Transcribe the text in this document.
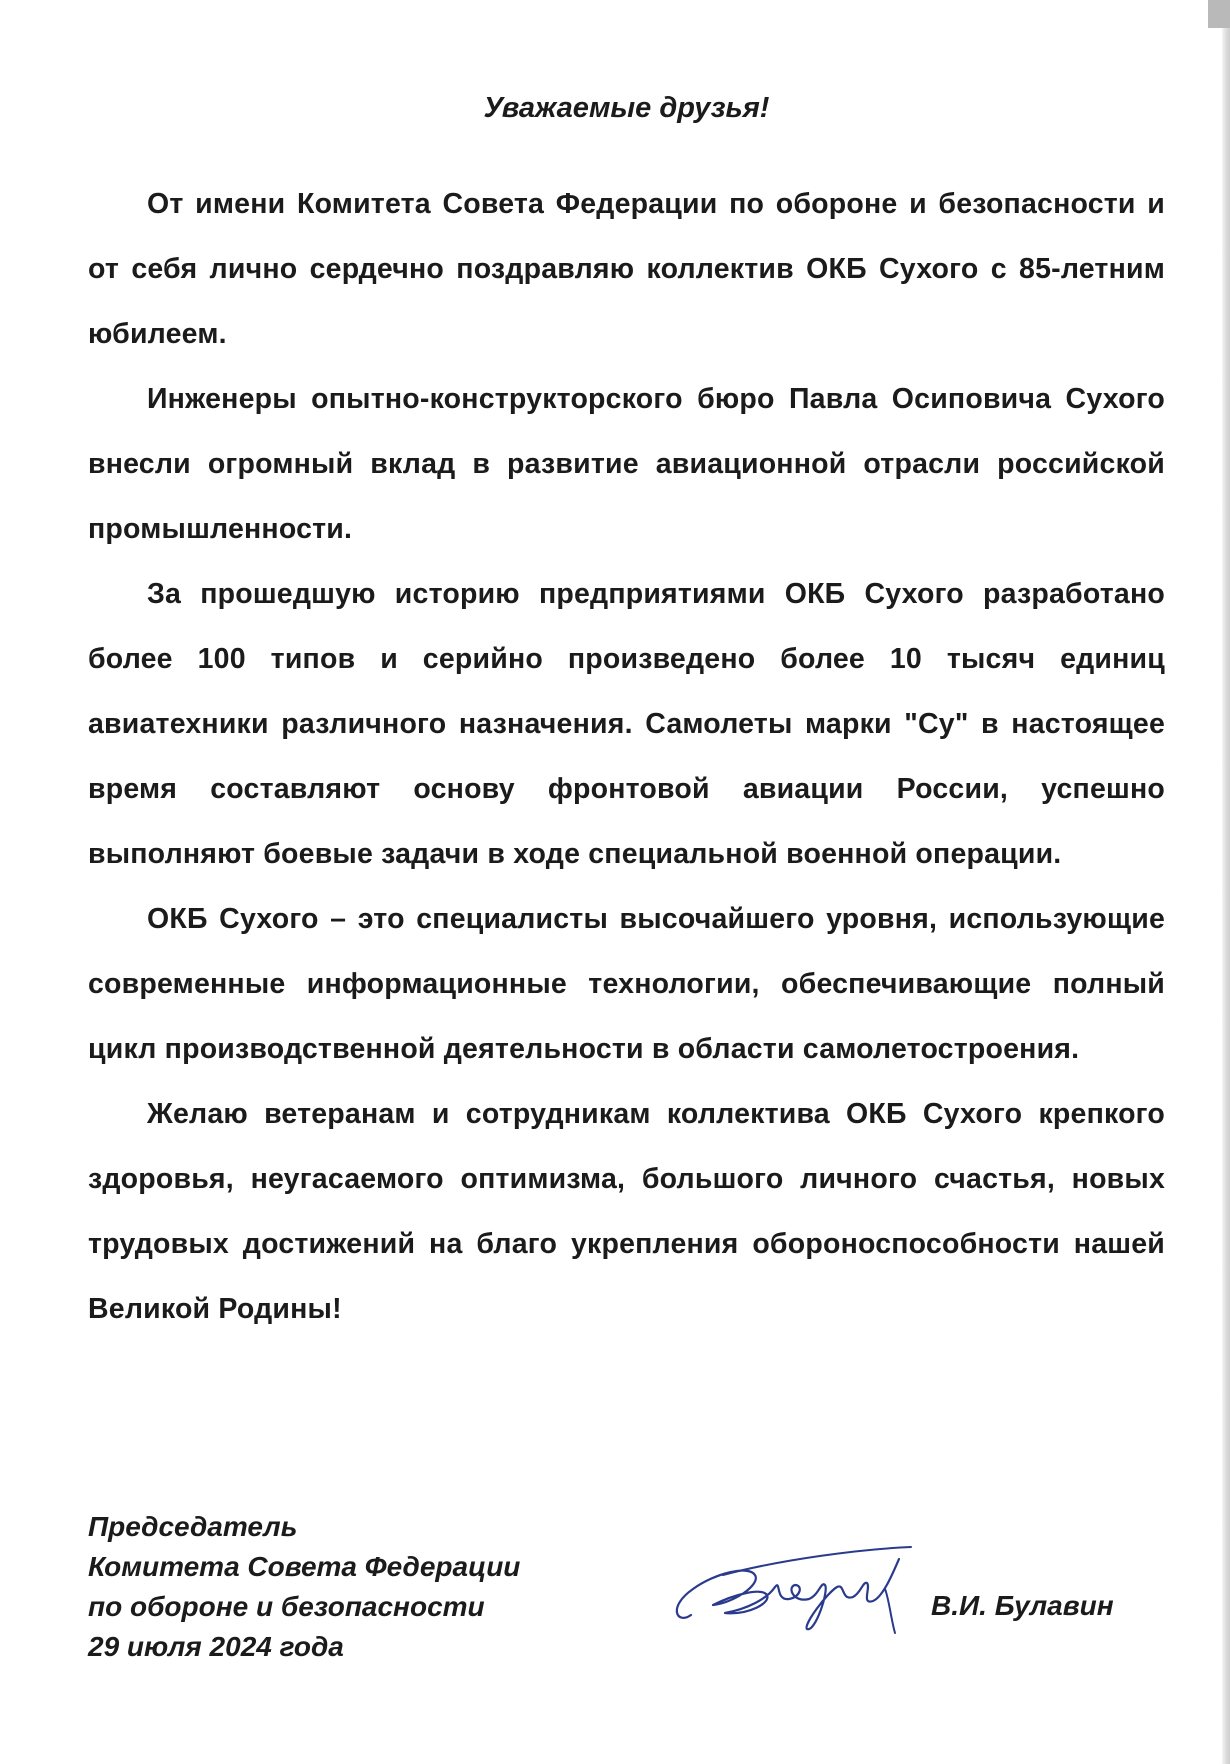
Уважаемые друзья!

От имени Комитета Совета Федерации по обороне и безопасности и от себя лично сердечно поздравляю коллектив ОКБ Сухого с 85-летним юбилеем.

Инженеры опытно-конструкторского бюро Павла Осиповича Сухого внесли огромный вклад в развитие авиационной отрасли российской промышленности.

За прошедшую историю предприятиями ОКБ Сухого разработано более 100 типов и серийно произведено более 10 тысяч единиц авиатехники различного назначения. Самолеты марки "Су" в настоящее время составляют основу фронтовой авиации России, успешно выполняют боевые задачи в ходе специальной военной операции.

ОКБ Сухого – это специалисты высочайшего уровня, использующие современные информационные технологии, обеспечивающие полный цикл производственной деятельности в области самолетостроения.

Желаю ветеранам и сотрудникам коллектива ОКБ Сухого крепкого здоровья, неугасаемого оптимизма, большого личного счастья, новых трудовых достижений на благо укрепления обороноспособности нашей Великой Родины!

Председатель
Комитета Совета Федерации
по обороне и безопасности
29 июля 2024 года
В.И. Булавин
